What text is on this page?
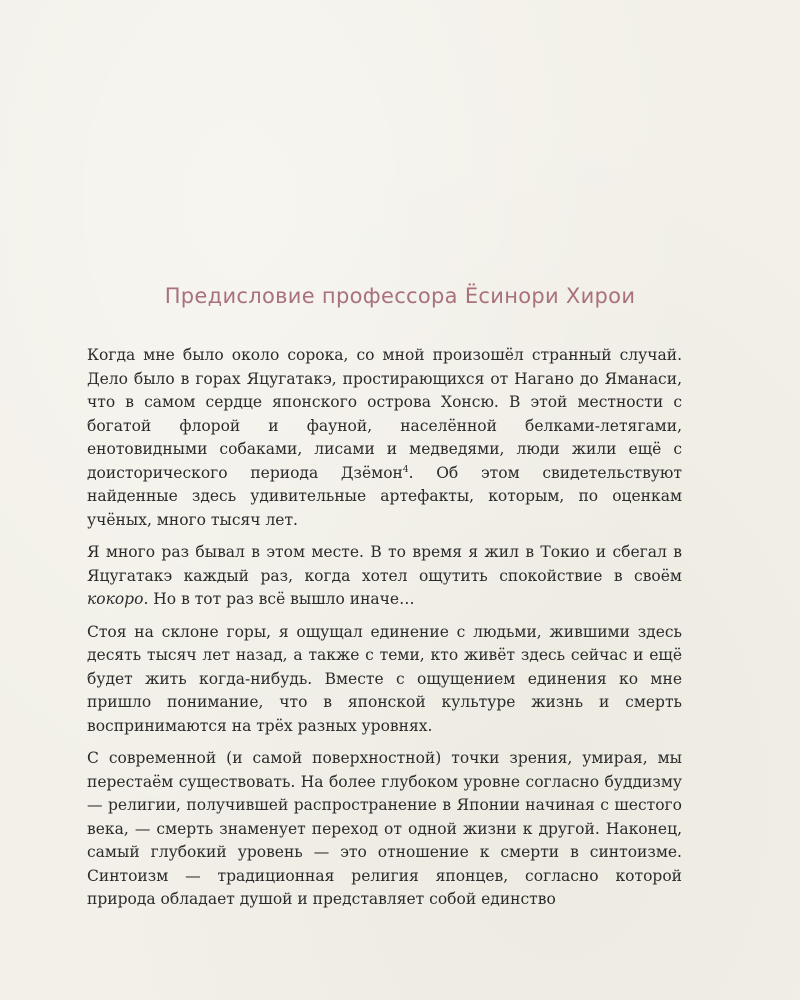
Предисловие профессора Ёсинори Хирои

Когда мне было около сорока, со мной произошёл странный случай. Дело было в горах Яцугатакэ, простирающихся от Нагано до Яманаси, что в самом сердце японского острова Хонсю. В этой местности с богатой флорой и фауной, населённой белками-летягами, енотовидными собаками, лисами и медведями, люди жили ещё с доисторического периода Дзёмон$^4$. Об этом свидетельствуют найденные здесь удивительные артефакты, которым, по оценкам учёных, много тысяч лет.

Я много раз бывал в этом месте. В то время я жил в Токио и сбегал в Яцугатакэ каждый раз, когда хотел ощутить спокойствие в своём кокоро. Но в тот раз всё вышло иначе…

Стоя на склоне горы, я ощущал единение с людьми, жившими здесь десять тысяч лет назад, а также с теми, кто живёт здесь сейчас и ещё будет жить когда-нибудь. Вместе с ощущением единения ко мне пришло понимание, что в японской культуре жизнь и смерть воспринимаются на трёх разных уровнях.

С современной (и самой поверхностной) точки зрения, умирая, мы перестаём существовать. На более глубоком уровне согласно буддизму — религии, получившей распространение в Японии начиная с шестого века, — смерть знаменует переход от одной жизни к другой. Наконец, самый глубокий уровень — это отношение к смерти в синтоизме. Синтоизм — традиционная религия японцев, согласно которой природа обладает душой и представляет собой единство
